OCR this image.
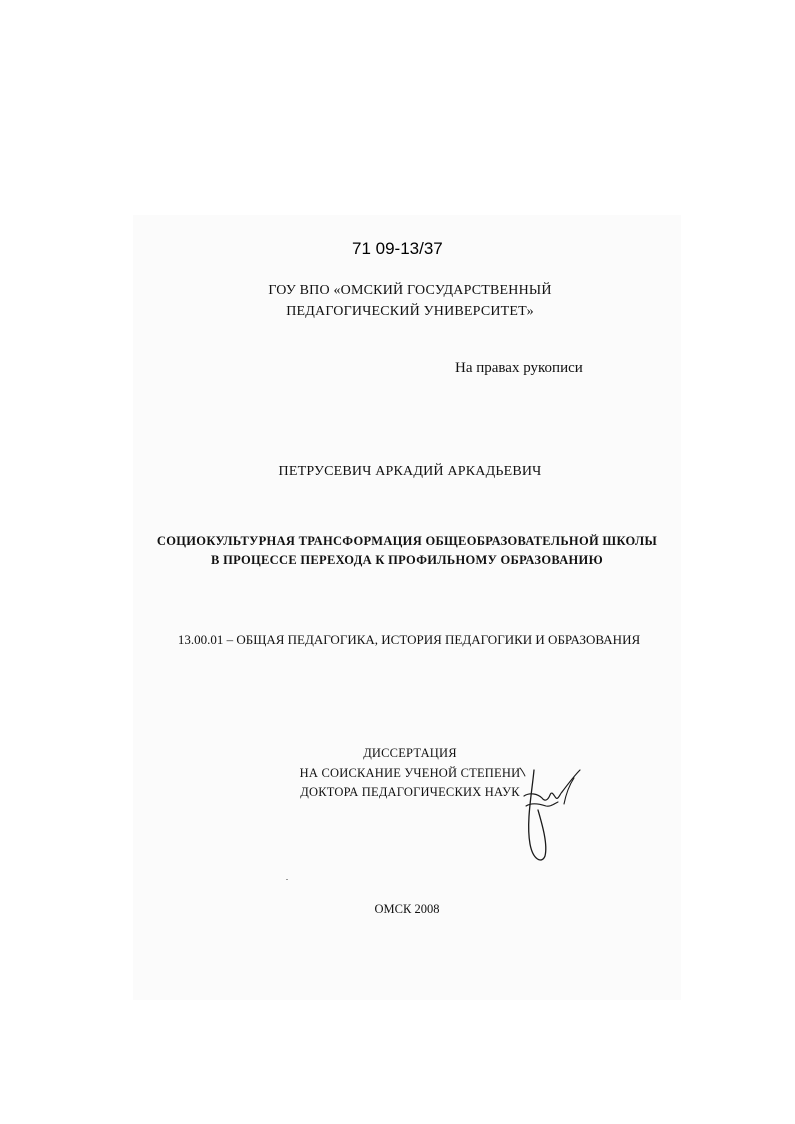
71 09-13/37
ГОУ ВПО «ОМСКИЙ ГОСУДАРСТВЕННЫЙ
ПЕДАГОГИЧЕСКИЙ УНИВЕРСИТЕТ»
На правах рукописи
ПЕТРУСЕВИЧ АРКАДИЙ АРКАДЬЕВИЧ
СОЦИОКУЛЬТУРНАЯ ТРАНСФОРМАЦИЯ ОБЩЕОБРАЗОВАТЕЛЬНОЙ ШКОЛЫ
В ПРОЦЕССЕ ПЕРЕХОДА К ПРОФИЛЬНОМУ ОБРАЗОВАНИЮ
13.00.01 – ОБЩАЯ ПЕДАГОГИКА, ИСТОРИЯ ПЕДАГОГИКИ И ОБРАЗОВАНИЯ
ДИССЕРТАЦИЯ
НА СОИСКАНИЕ УЧЕНОЙ СТЕПЕНИ
ДОКТОРА ПЕДАГОГИЧЕСКИХ НАУК
ОМСК 2008
